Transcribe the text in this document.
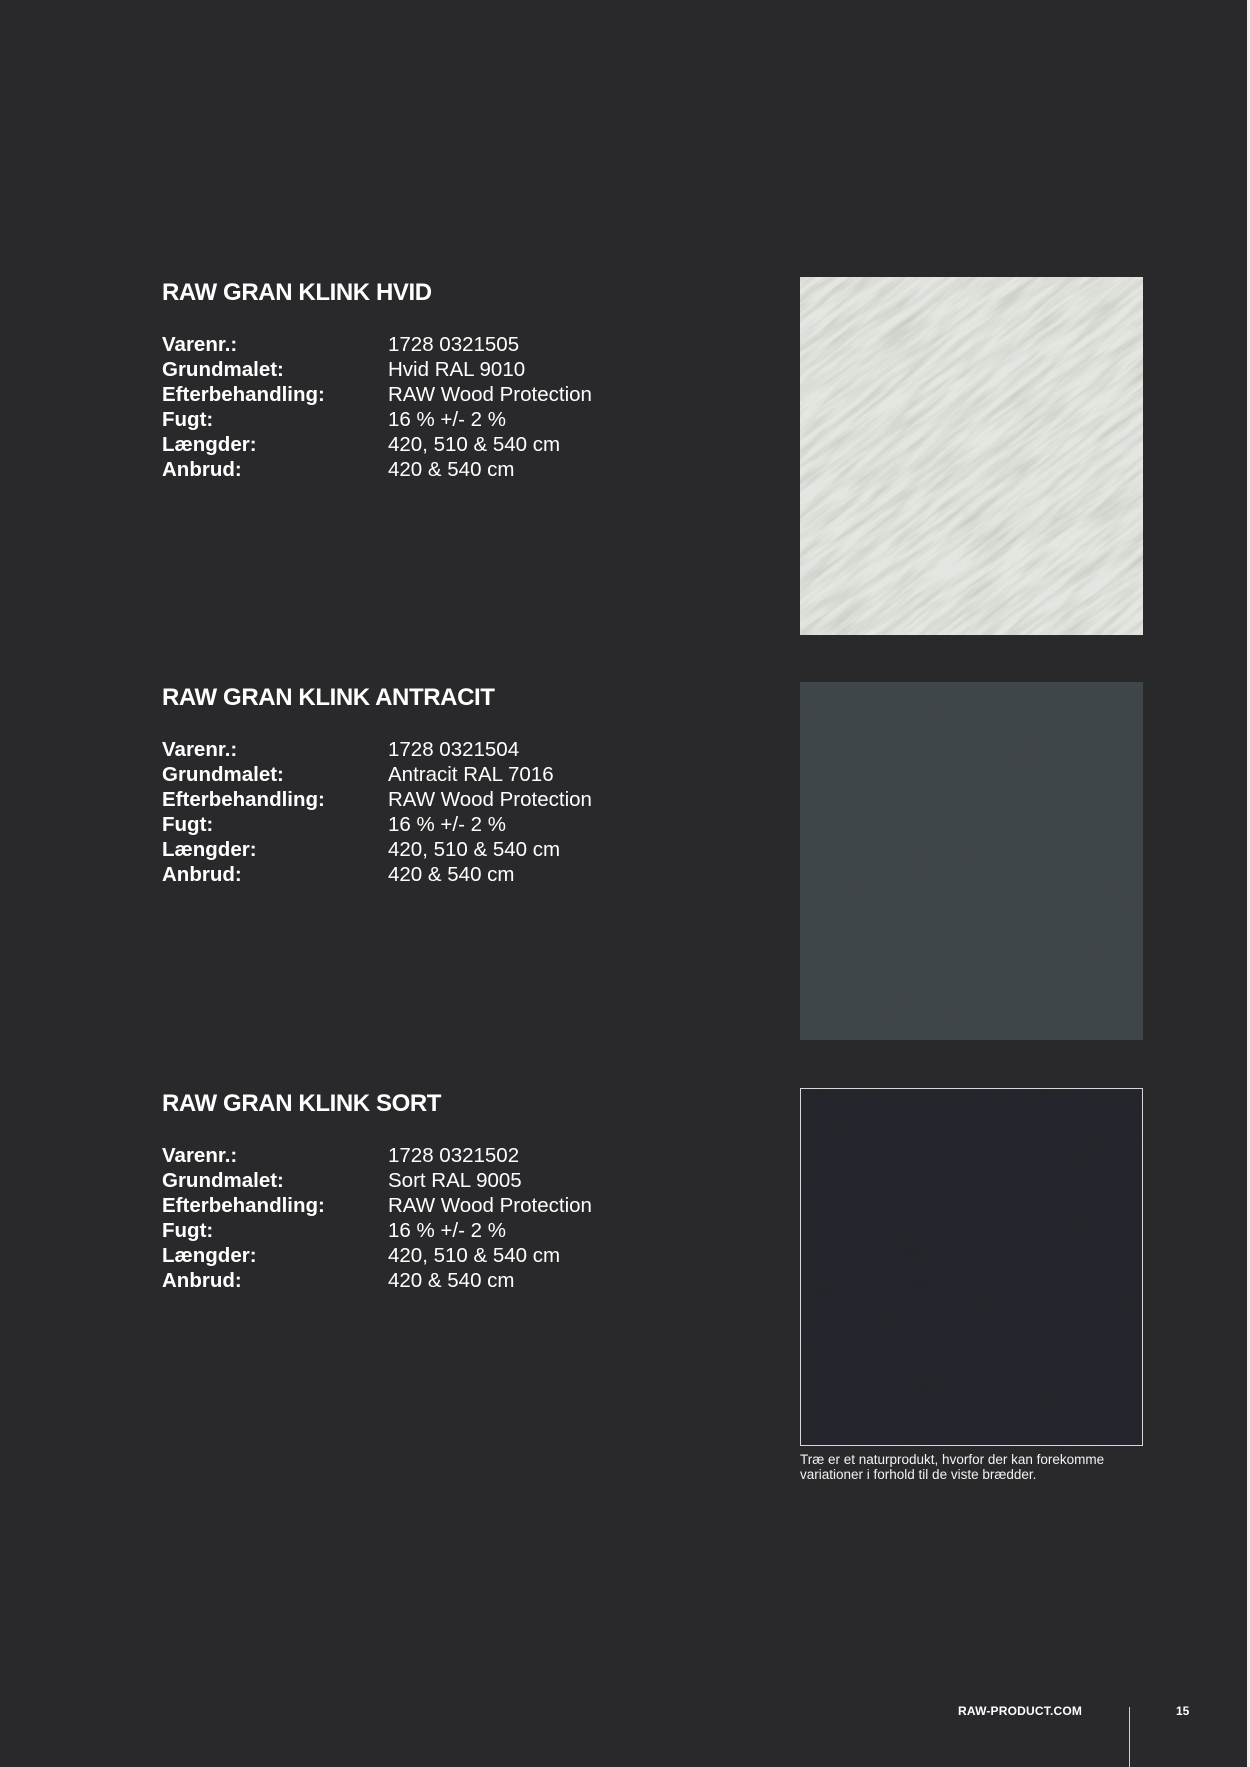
RAW GRAN KLINK HVID
Varenr.:	1728 0321505
Grundmalet:	Hvid RAL 9010
Efterbehandling:	RAW Wood Protection
Fugt:	16 % +/- 2 %
Længder:	420, 510 & 540 cm
Anbrud:	420 & 540 cm
RAW GRAN KLINK ANTRACIT
Varenr.:	1728 0321504
Grundmalet:	Antracit RAL 7016
Efterbehandling:	RAW Wood Protection
Fugt:	16 % +/- 2 %
Længder:	420, 510 & 540 cm
Anbrud:	420 & 540 cm
RAW GRAN KLINK SORT
Varenr.:	1728 0321502
Grundmalet:	Sort RAL 9005
Efterbehandling:	RAW Wood Protection
Fugt:	16 % +/- 2 %
Længder:	420, 510 & 540 cm
Anbrud:	420 & 540 cm

Træ er et naturprodukt, hvorfor der kan forekomme
variationer i forhold til de viste brædder.

RAW-PRODUCT.COM	15
